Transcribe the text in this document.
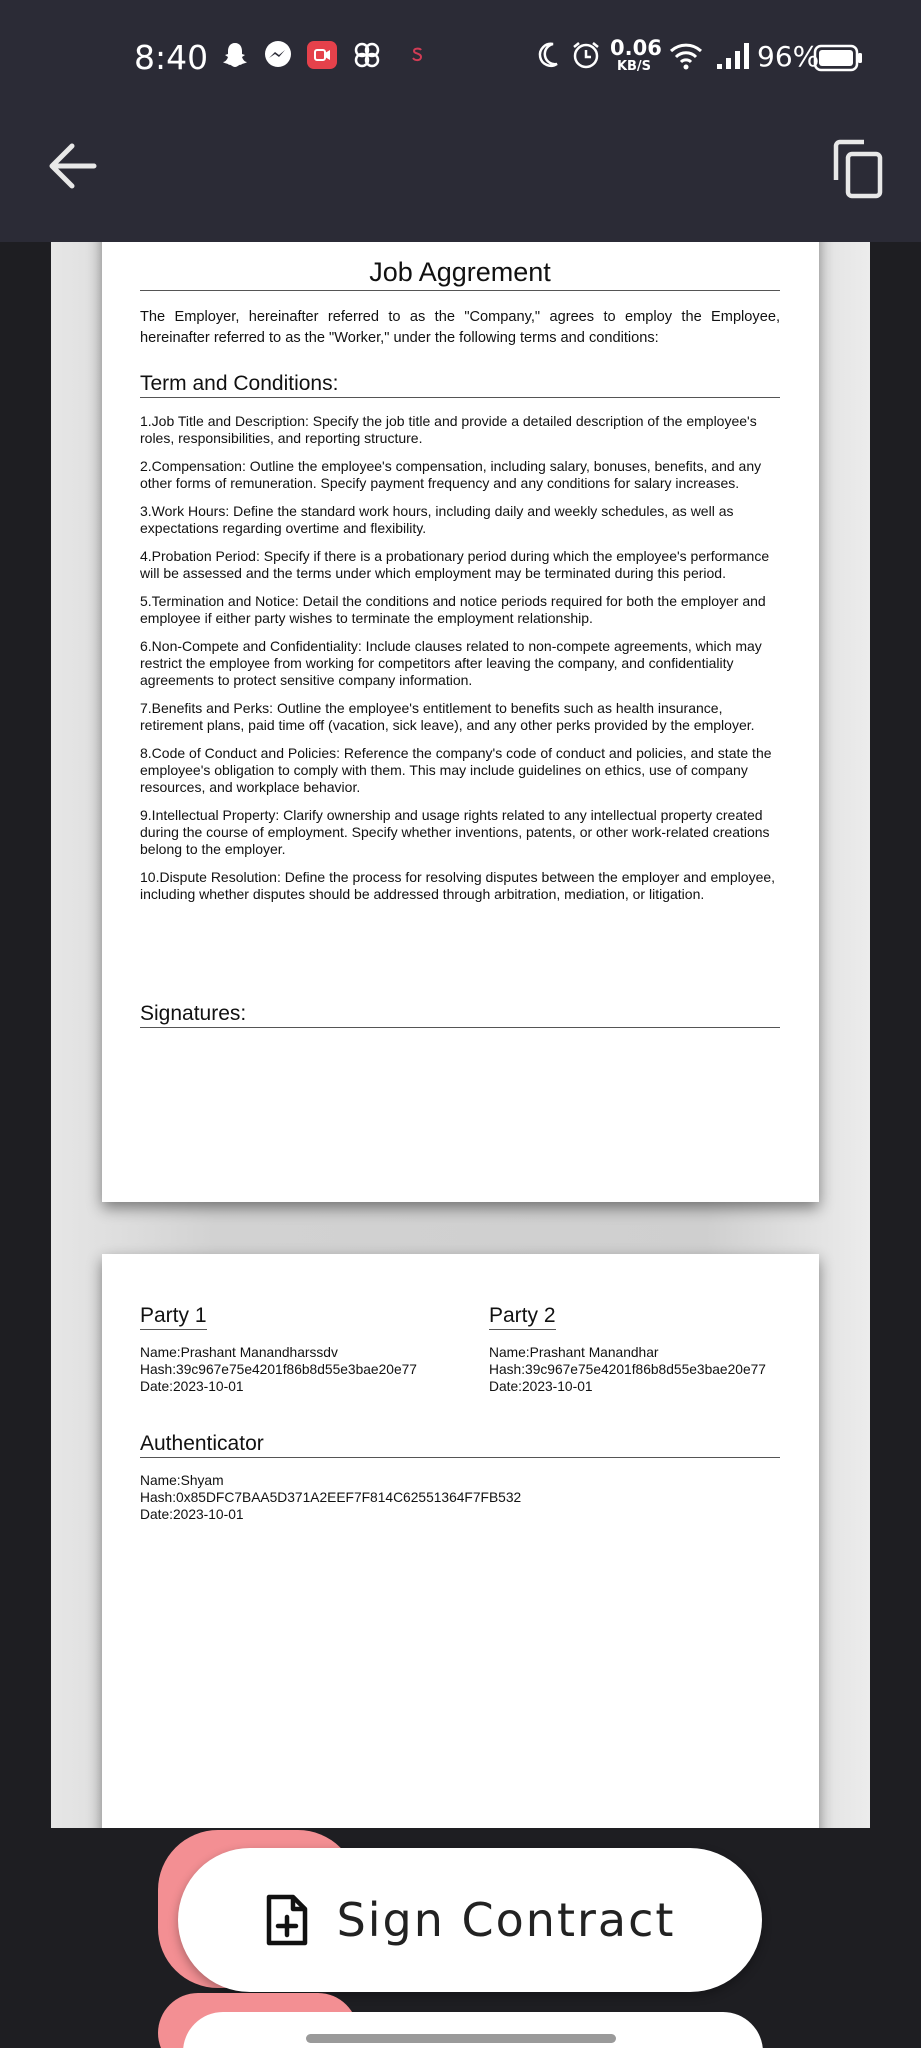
8:40	0.06
KB/S	96%
Job Aggrement
The Employer, hereinafter referred to as the "Company," agrees to employ the Employee, hereinafter referred to as the "Worker," under the following terms and conditions:
Term and Conditions:

1.Job Title and Description: Specify the job title and provide a detailed description of the employee's roles, responsibilities, and reporting structure.

2.Compensation: Outline the employee's compensation, including salary, bonuses, benefits, and any other forms of remuneration. Specify payment frequency and any conditions for salary increases.

3.Work Hours: Define the standard work hours, including daily and weekly schedules, as well as expectations regarding overtime and flexibility.

4.Probation Period: Specify if there is a probationary period during which the employee's performance will be assessed and the terms under which employment may be terminated during this period.

5.Termination and Notice: Detail the conditions and notice periods required for both the employer and employee if either party wishes to terminate the employment relationship.

6.Non-Compete and Confidentiality: Include clauses related to non-compete agreements, which may restrict the employee from working for competitors after leaving the company, and confidentiality agreements to protect sensitive company information.

7.Benefits and Perks: Outline the employee's entitlement to benefits such as health insurance, retirement plans, paid time off (vacation, sick leave), and any other perks provided by the employer.

8.Code of Conduct and Policies: Reference the company's code of conduct and policies, and state the employee's obligation to comply with them. This may include guidelines on ethics, use of company resources, and workplace behavior.

9.Intellectual Property: Clarify ownership and usage rights related to any intellectual property created during the course of employment. Specify whether inventions, patents, or other work-related creations belong to the employer.

10.Dispute Resolution: Define the process for resolving disputes between the employer and employee, including whether disputes should be addressed through arbitration, mediation, or litigation.

Signatures:
Party 1
Name:Prashant Manandharssdv
Hash:39c967e75e4201f86b8d55e3bae20e77
Date:2023-10-01
Party 2
Name:Prashant Manandhar
Hash:39c967e75e4201f86b8d55e3bae20e77
Date:2023-10-01
Authenticator
Name:Shyam
Hash:0x85DFC7BAA5D371A2EEF7F814C62551364F7FB532
Date:2023-10-01
Sign Contract
